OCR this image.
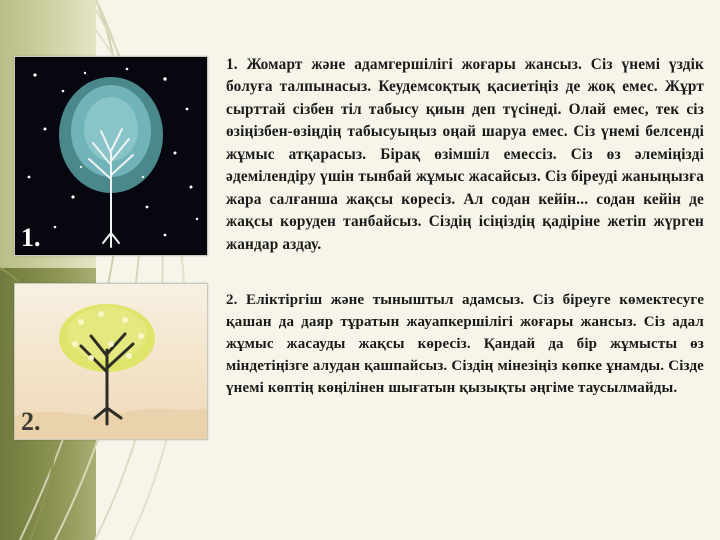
1.
1. Жомарт және адамгершілігі жоғары жансыз. Сіз үнемі үздік болуға талпынасыз. Кеудемсоқтық қасиетіңіз де жоқ емес. Жұрт сырттай сізбен тіл табысу қиын деп түсінеді. Олай емес, тек сіз өзіңізбен-өзіңдің табысуыңыз оңай шаруа емес. Сіз үнемі белсенді жұмыс атқарасыз. Бірақ өзімшіл емессіз. Сіз өз әлеміңізді әдемілендіру үшін тынбай жұмыс жасайсыз. Сіз біреуді жаныңызға жара салғанша жақсы көресіз. Ал содан кейін... содан кейін де жақсы көруден танбайсыз. Сіздің ісіңіздің қадіріне жетіп жүрген жандар аздау.
2.
2. Еліктіргіш және тыныштыл адамсыз. Сіз біреуге көмектесуге қашан да даяр тұратын жауапкершілігі жоғары жансыз. Сіз адал жұмыс жасауды жақсы көресіз. Қандай да бір жұмысты өз міндетіңізге алудан қашпайсыз. Сіздің мінезіңіз көпке ұнамды. Сізде үнемі көптің көңілінен шығатын қызықты әңгіме таусылмайды.
